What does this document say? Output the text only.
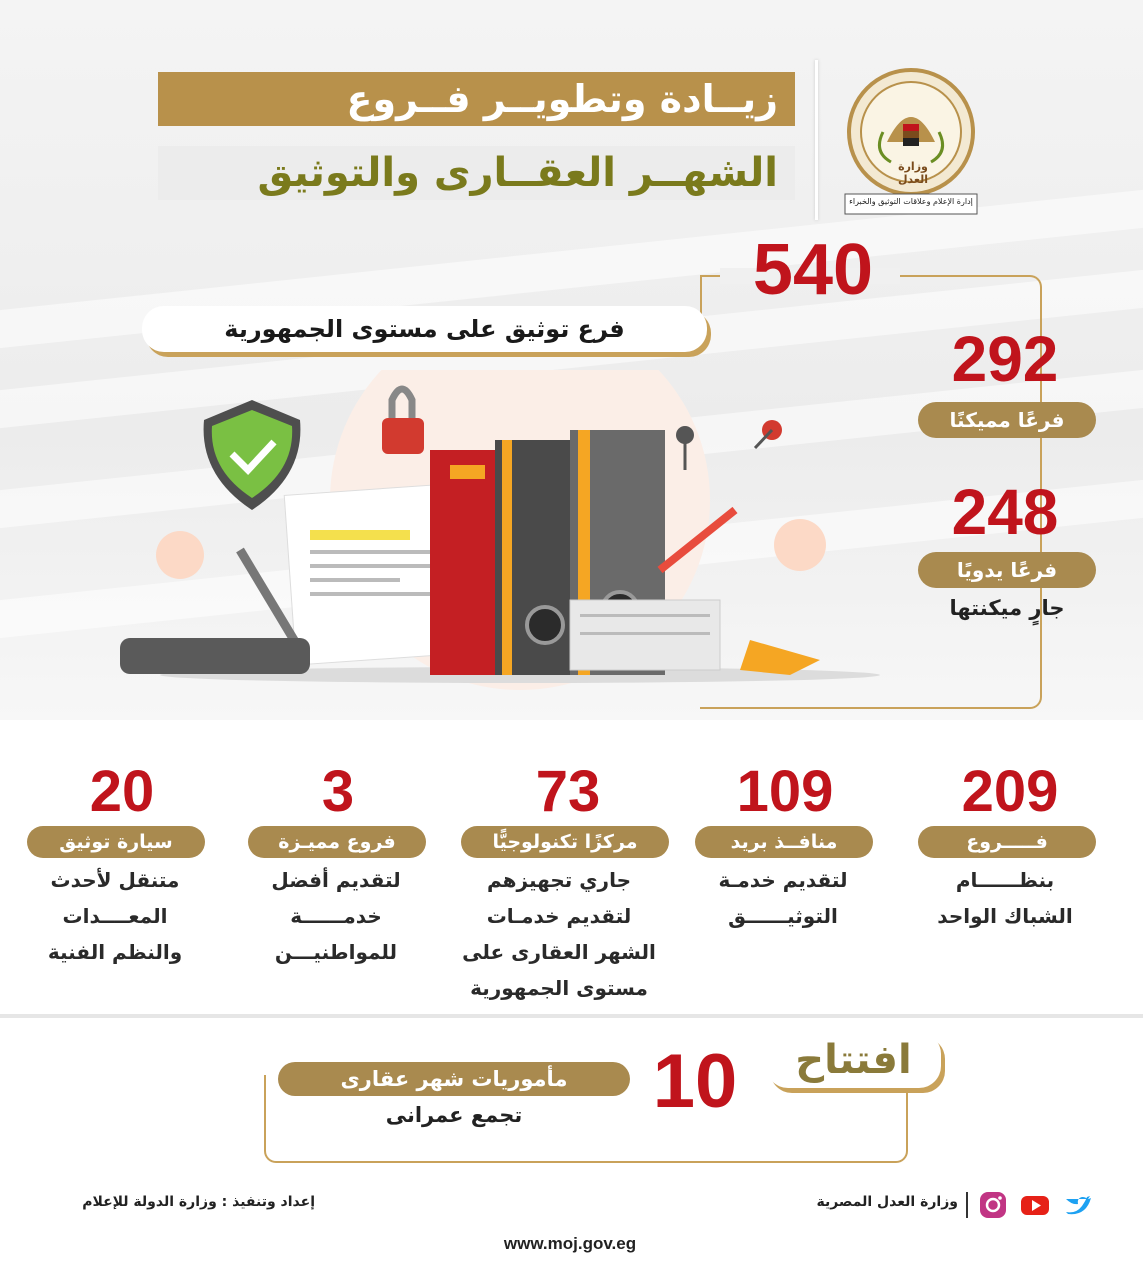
وزارة العدل
إدارة الإعلام وعلاقات التوثيق والخبراء
زيــادة وتطويــر فــروع
الشهــر العقــارى والتوثيق
540
فرع توثيق على مستوى الجمهورية	292
فرعًا مميكنًا
248
فرعًا يدويًا
جارٍ ميكنتها
209
فـــــروع
بنظــــــام
الشباك الواحد
109
منافــذ بريد
لتقديم خدمـة
التوثيــــــق
73
مركزًا تكنولوجيًّا
جاري تجهيزهم
لتقديم خدمـات
الشهر العقارى على
مستوى الجمهورية
3
فروع مميـزة
لتقديم أفضل
خدمــــــة
للمواطنيـــن
20
سيارة توثيق
متنقل لأحدث
المعــــدات
والنظم الفنية
افتتاح
10
مأموريات شهر عقارى
تجمع عمرانى
وزارة العدل المصرية
إعداد وتنفيذ : وزارة الدولة للإعلام
www.moj.gov.eg
